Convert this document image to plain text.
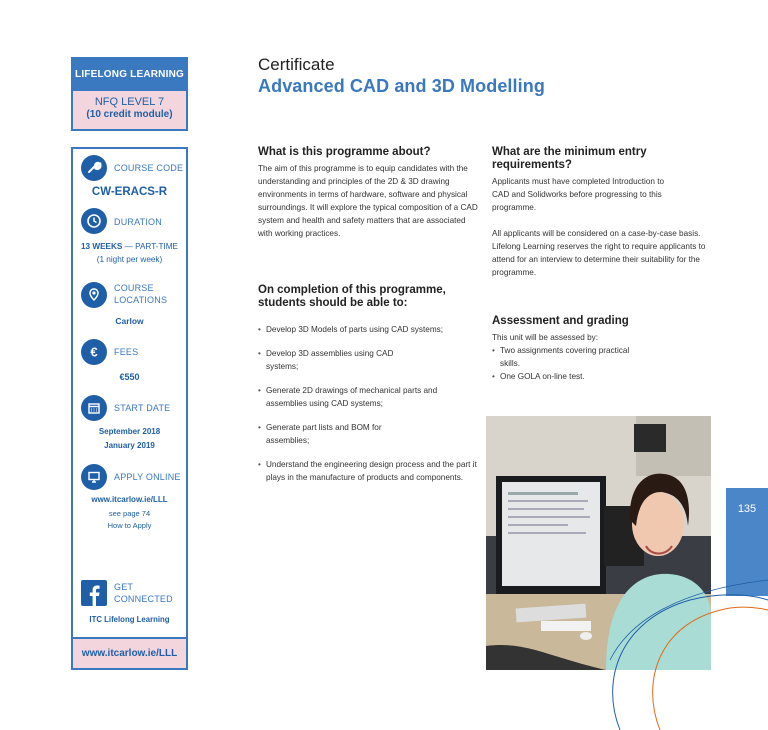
LIFELONG LEARNING
NFQ LEVEL 7
(10 credit module)
COURSE CODE
CW-ERACS-R
DURATION
13 WEEKS — PART-TIME
(1 night per week)
COURSE
LOCATIONS
Carlow
€ FEES
€550
START DATE
September 2018
January 2019
APPLY ONLINE
www.itcarlow.ie/LLL
see page 74
How to Apply
GET
CONNECTED
ITC Lifelong Learning
www.itcarlow.ie/LLL
Certificate
Advanced CAD and 3D Modelling
What is this programme about?

The aim of this programme is to equip candidates with the understanding and principles of the 2D & 3D drawing environments in terms of hardware, software and physical surroundings. It will explore the typical composition of a CAD system and health and safety matters that are associated with working practices.

On completion of this programme,
students should be able to:
• Develop 3D Models of parts using CAD systems;
• Develop 3D assemblies using CAD systems;
• Generate 2D drawings of mechanical parts and assemblies using CAD systems;
• Generate part lists and BOM for assemblies;
• Understand the engineering design process and the part it plays in the manufacture of products and components.
What are the minimum entry
requirements?

Applicants must have completed Introduction to CAD and Solidworks before progressing to this programme.

All applicants will be considered on a case-by-case basis. Lifelong Learning reserves the right to require applicants to attend for an interview to determine their suitability for the programme.

Assessment and grading

This unit will be assessed by:

• Two assignments covering practical skills.
• One GOLA on-line test.
135
